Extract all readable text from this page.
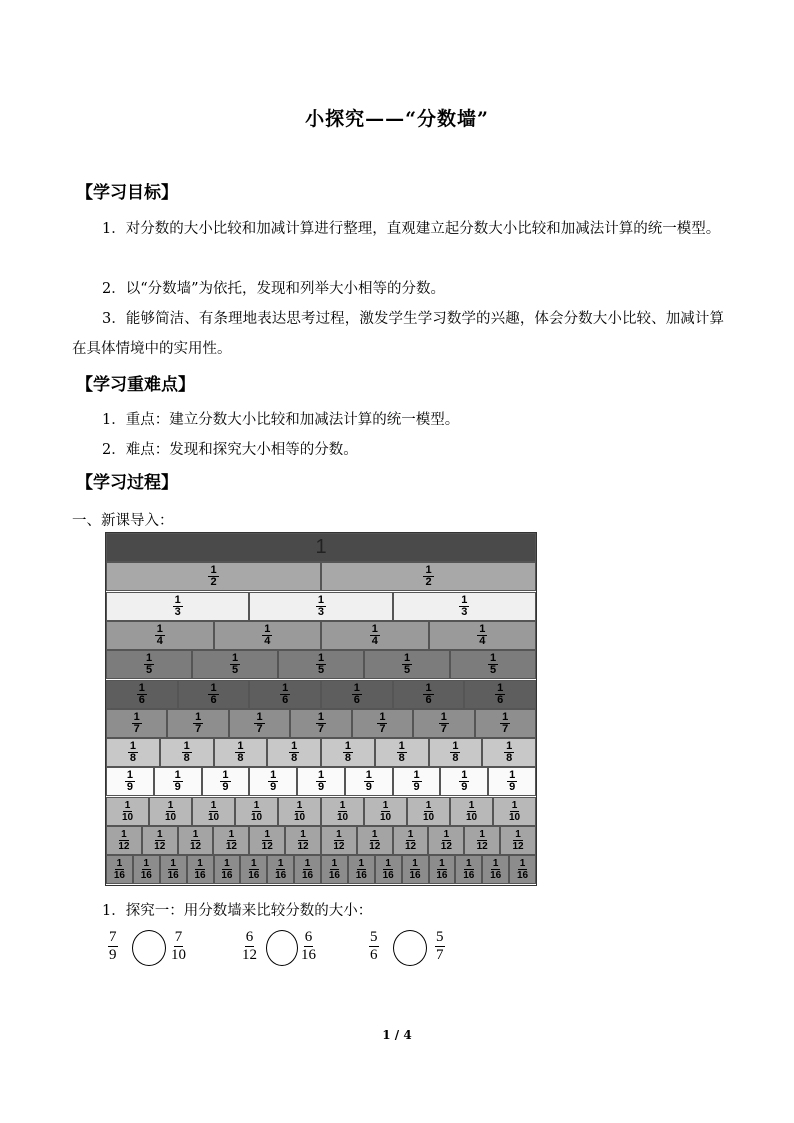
小探究——“分数墙”
【学习目标】

1．对分数的大小比较和加减计算进行整理，直观建立起分数大小比较和加减法计算的统一模型。

2．以“分数墙”为依托，发现和列举大小相等的分数。

3．能够简洁、有条理地表达思考过程，激发学生学习数学的兴趣，体会分数大小比较、加减计算在具体情境中的实用性。

【学习重难点】
1．重点：建立分数大小比较和加减法计算的统一模型。
2．难点：发现和探究大小相等的分数。
【学习过程】
一、新课导入：
1
$\frac{1}{2}$	$\frac{1}{2}$
$\frac{1}{3}$	$\frac{1}{3}$	$\frac{1}{3}$
$\frac{1}{4}$	$\frac{1}{4}$	$\frac{1}{4}$	$\frac{1}{4}$
$\frac{1}{5}$	$\frac{1}{5}$	$\frac{1}{5}$	$\frac{1}{5}$	$\frac{1}{5}$
$\frac{1}{6}$	$\frac{1}{6}$	$\frac{1}{6}$	$\frac{1}{6}$	$\frac{1}{6}$	$\frac{1}{6}$
$\frac{1}{7}$	$\frac{1}{7}$	$\frac{1}{7}$	$\frac{1}{7}$	$\frac{1}{7}$	$\frac{1}{7}$	$\frac{1}{7}$
$\frac{1}{8}$	$\frac{1}{8}$	$\frac{1}{8}$	$\frac{1}{8}$	$\frac{1}{8}$	$\frac{1}{8}$	$\frac{1}{8}$	$\frac{1}{8}$
$\frac{1}{9}$	$\frac{1}{9}$	$\frac{1}{9}$	$\frac{1}{9}$	$\frac{1}{9}$	$\frac{1}{9}$	$\frac{1}{9}$	$\frac{1}{9}$	$\frac{1}{9}$
$\frac{1}{10}$	$\frac{1}{10}$	$\frac{1}{10}$	$\frac{1}{10}$	$\frac{1}{10}$	$\frac{1}{10}$	$\frac{1}{10}$	$\frac{1}{10}$	$\frac{1}{10}$	$\frac{1}{10}$
$\frac{1}{12} \frac{1}{12} \frac{1}{12} \frac{1}{12} \frac{1}{12} \frac{1}{12} \frac{1}{12} \frac{1}{12} \frac{1}{12} \frac{1}{12} \frac{1}{12} \frac{1}{12}$
$\frac{1}{16} \frac{1}{16} \frac{1}{16} \frac{1}{16} \frac{1}{16} \frac{1}{16} \frac{1}{16} \frac{1}{16} \frac{1}{16} \frac{1}{16} \frac{1}{16} \frac{1}{16} \frac{1}{16} \frac{1}{16} \frac{1}{16} \frac{1}{16}$
1．探究一：用分数墙来比较分数的大小：
$\frac{7}{9}$	$\frac{7}{10}$	$\frac{6}{12}$	$\frac{6}{16}$	$\frac{5}{6}$	$\frac{5}{7}$
1 / 4
